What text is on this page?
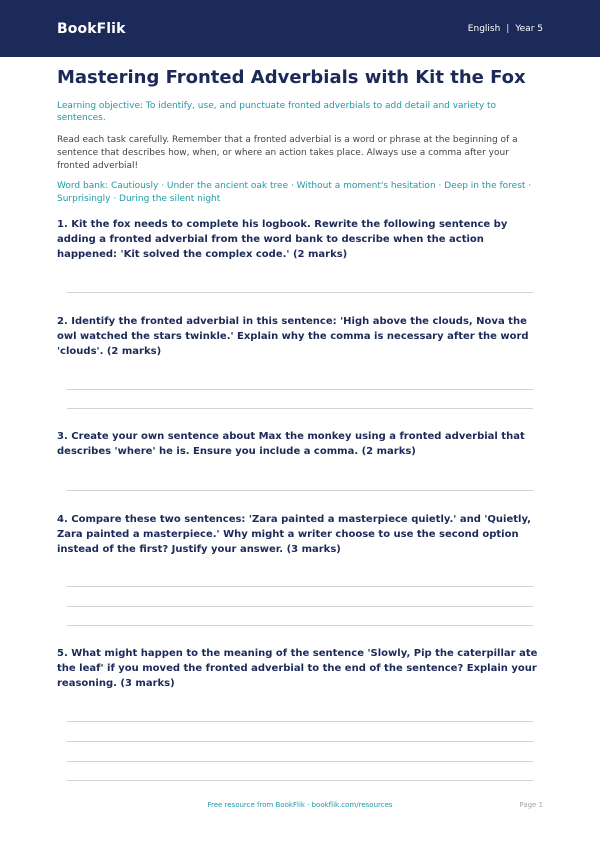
BookFlik	English | Year 5
Mastering Fronted Adverbials with Kit the Fox

Learning objective: To identify, use, and punctuate fronted adverbials to add detail and variety to sentences.

Read each task carefully. Remember that a fronted adverbial is a word or phrase at the beginning of a sentence that describes how, when, or where an action takes place. Always use a comma after your fronted adverbial!

Word bank: Cautiously · Under the ancient oak tree · Without a moment's hesitation · Deep in the forest · Surprisingly · During the silent night

1. Kit the fox needs to complete his logbook. Rewrite the following sentence by adding a fronted adverbial from the word bank to describe when the action happened: 'Kit solved the complex code.' (2 marks)
2. Identify the fronted adverbial in this sentence: 'High above the clouds, Nova the owl watched the stars twinkle.' Explain why the comma is necessary after the word 'clouds'. (2 marks)
3. Create your own sentence about Max the monkey using a fronted adverbial that describes 'where' he is. Ensure you include a comma. (2 marks)
4. Compare these two sentences: 'Zara painted a masterpiece quietly.' and 'Quietly, Zara painted a masterpiece.' Why might a writer choose to use the second option instead of the first? Justify your answer. (3 marks)
5. What might happen to the meaning of the sentence 'Slowly, Pip the caterpillar ate the leaf' if you moved the fronted adverbial to the end of the sentence? Explain your reasoning. (3 marks)
Free resource from BookFlik · bookflik.com/resources	Page 1
